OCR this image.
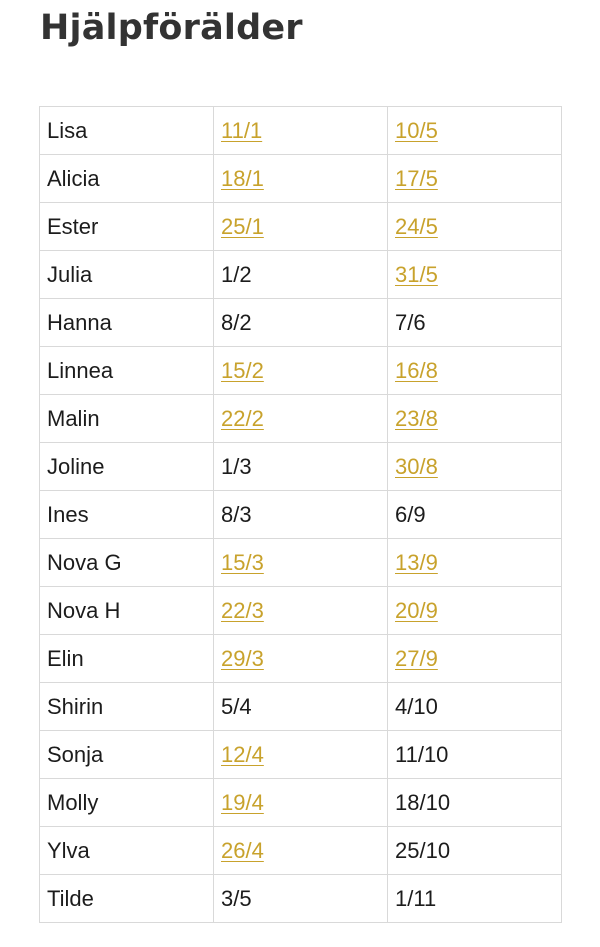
Hjälpförälder
Lisa	11/1	10/5
Alicia	18/1	17/5
Ester	25/1	24/5
Julia	1/2	31/5
Hanna	8/2	7/6
Linnea	15/2	16/8
Malin	22/2	23/8
Joline	1/3	30/8
Ines	8/3	6/9
Nova G	15/3	13/9
Nova H	22/3	20/9
Elin	29/3	27/9
Shirin	5/4	4/10
Sonja	12/4	11/10
Molly	19/4	18/10
Ylva	26/4	25/10
Tilde	3/5	1/11
